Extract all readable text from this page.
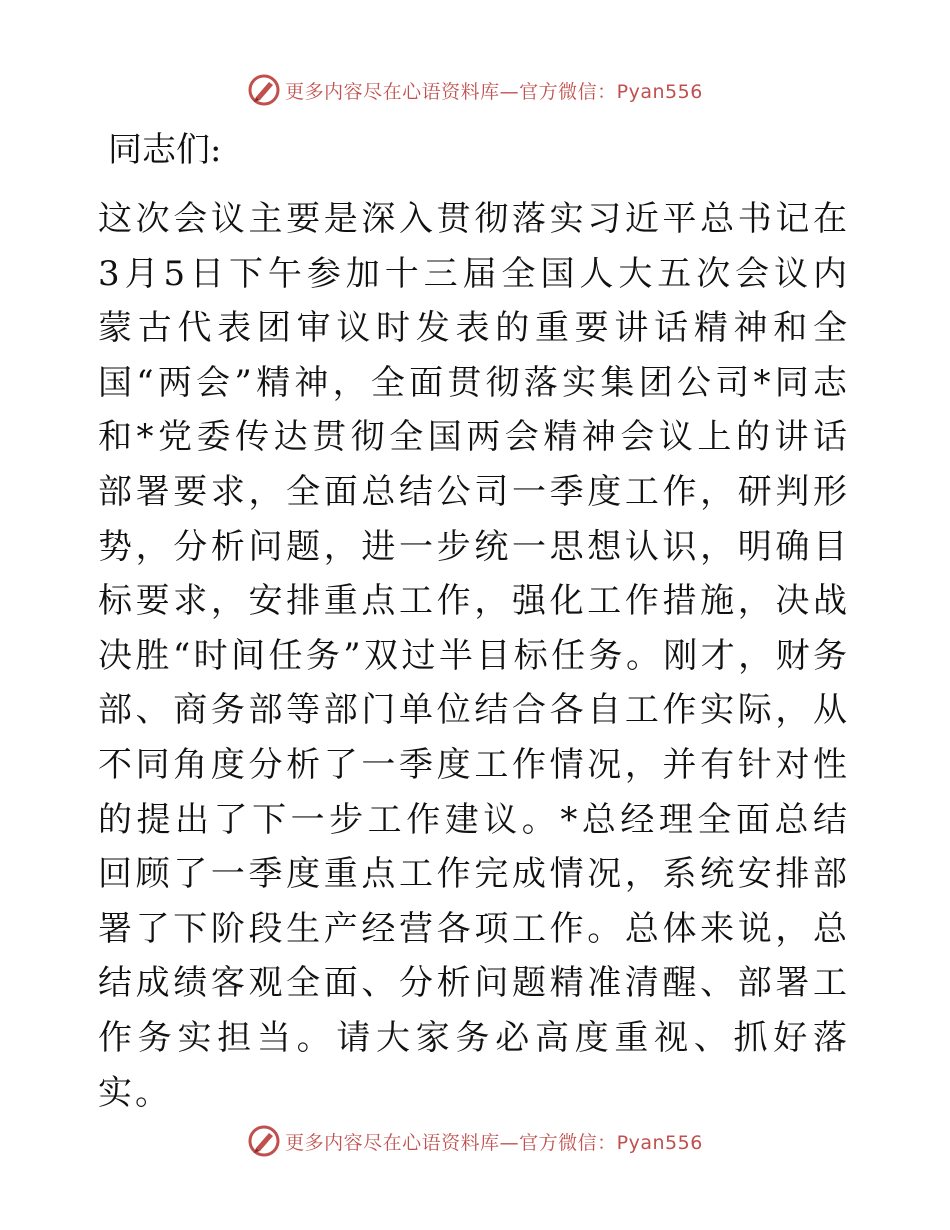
更多内容尽在心语资料库—官方微信：Pyan556
同志们:
这次会议主要是深入贯彻落实习近平总书记在3月5日下午参加十三届全国人大五次会议内蒙古代表团审议时发表的重要讲话精神和全国“两会”精神，全面贯彻落实集团公司*同志和*党委传达贯彻全国两会精神会议上的讲话部署要求，全面总结公司一季度工作，研判形势，分析问题，进一步统一思想认识，明确目标要求，安排重点工作，强化工作措施，决战决胜“时间任务”双过半目标任务。刚才，财务部、商务部等部门单位结合各自工作实际，从不同角度分析了一季度工作情况，并有针对性的提出了下一步工作建议。*总经理全面总结回顾了一季度重点工作完成情况，系统安排部署了下阶段生产经营各项工作。总体来说，总结成绩客观全面、分析问题精准清醒、部署工作务实担当。请大家务必高度重视、抓好落实。
更多内容尽在心语资料库—官方微信：Pyan556
